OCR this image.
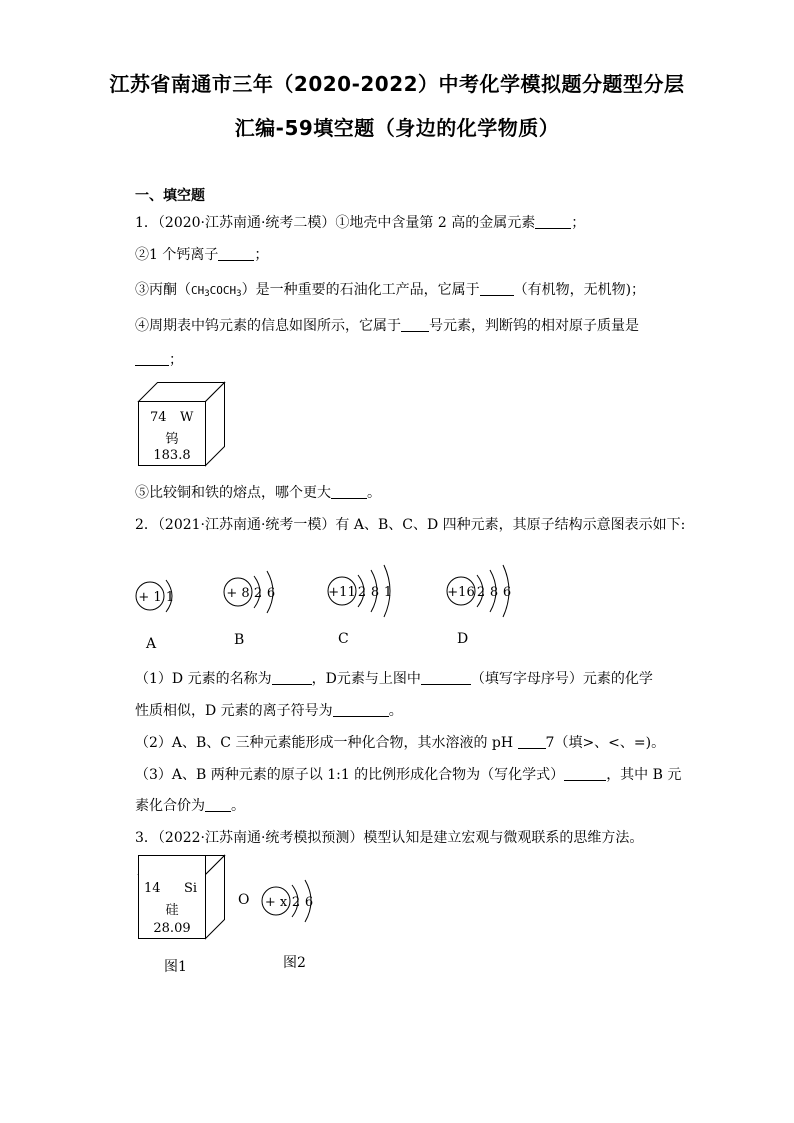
江苏省南通市三年（2020-2022）中考化学模拟题分题型分层
汇编-59填空题（身边的化学物质）
一、填空题
1．（2020·江苏南通·统考二模）①地壳中含量第 2 高的金属元素	；
②1 个钙离子	；
③丙酮$(CH_3COCH_3)$是一种重要的石油化工产品，它属于 （有机物，无机物)；
④周期表中钨元素的信息如图所示，它属于 号元素，判断钨的相对原子质量是
；
74 W
钨
183.8
⑤比较铜和铁的熔点，哪个更大	。
2．（2021·江苏南通·统考一模）有 A、B、C、D 四种元素，其原子结构示意图表示如下:
+ 1 1
A
+ 8 2 6
B
+11 2 8 1
C
+16 2 8 6
D
（1）D 元素的名称为	，D元素与上图中	（填写字母序号）元素的化学
性质相似，D 元素的离子符号为	。
（2）A、B、C 三种元素能形成一种化合物，其水溶液的 pH 7（填>、<、=)。
（3）A、B 两种元素的原子以 1:1 的比例形成化合物为（写化学式）	，其中 B 元
素化合价为 。
3．（2022·江苏南通·统考模拟预测）模型认知是建立宏观与微观联系的思维方法。
14 Si
硅
28.09
O + x 2 6
图1	图2
